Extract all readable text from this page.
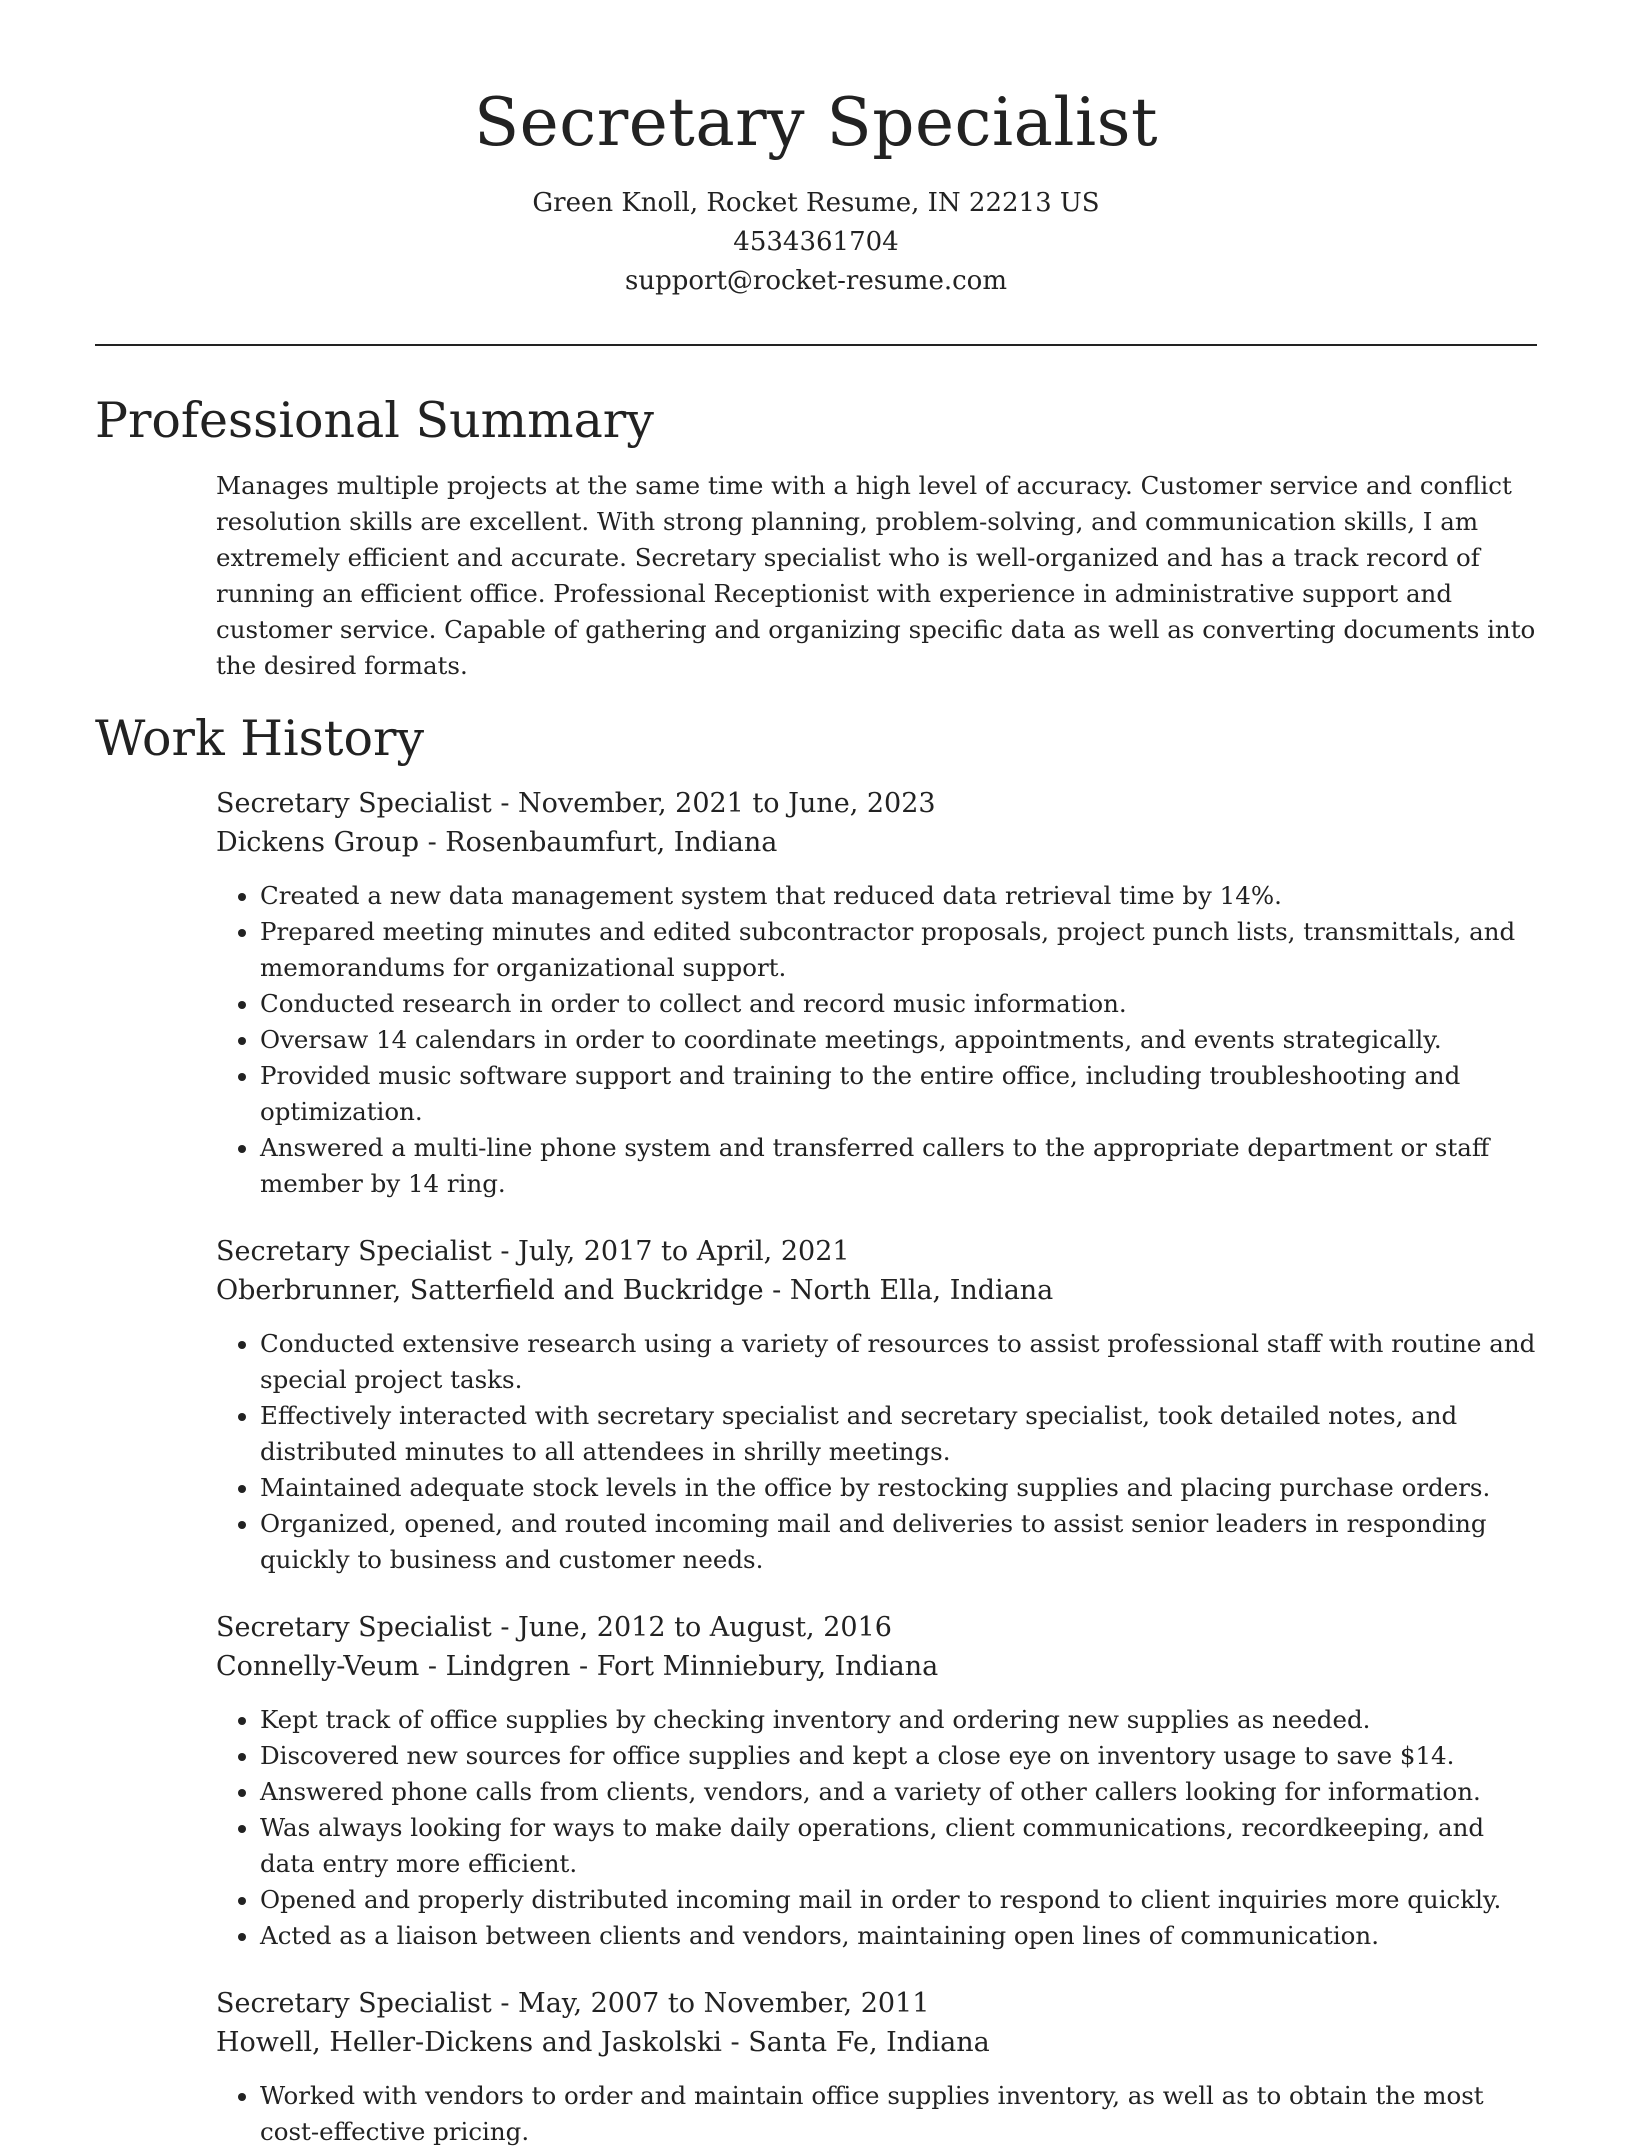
Secretary Specialist
Green Knoll, Rocket Resume, IN 22213 US
4534361704
support@rocket-resume.com
Professional Summary

Manages multiple projects at the same time with a high level of accuracy. Customer service and conflict resolution skills are excellent. With strong planning, problem-solving, and communication skills, I am extremely efficient and accurate. Secretary specialist who is well-organized and has a track record of running an efficient office. Professional Receptionist with experience in administrative support and customer service. Capable of gathering and organizing specific data as well as converting documents into the desired formats.

Work History
Secretary Specialist - November, 2021 to June, 2023
Dickens Group - Rosenbaumfurt, Indiana
• Created a new data management system that reduced data retrieval time by 14%.
• Prepared meeting minutes and edited subcontractor proposals, project punch lists, transmittals, and memorandums for organizational support.
• Conducted research in order to collect and record music information.
• Oversaw 14 calendars in order to coordinate meetings, appointments, and events strategically.
• Provided music software support and training to the entire office, including troubleshooting and optimization.
• Answered a multi-line phone system and transferred callers to the appropriate department or staff member by 14 ring.
Secretary Specialist - July, 2017 to April, 2021
Oberbrunner, Satterfield and Buckridge - North Ella, Indiana
• Conducted extensive research using a variety of resources to assist professional staff with routine and special project tasks.
• Effectively interacted with secretary specialist and secretary specialist, took detailed notes, and distributed minutes to all attendees in shrilly meetings.
• Maintained adequate stock levels in the office by restocking supplies and placing purchase orders.
• Organized, opened, and routed incoming mail and deliveries to assist senior leaders in responding quickly to business and customer needs.
Secretary Specialist - June, 2012 to August, 2016
Connelly-Veum - Lindgren - Fort Minniebury, Indiana
• Kept track of office supplies by checking inventory and ordering new supplies as needed.
• Discovered new sources for office supplies and kept a close eye on inventory usage to save $14.
• Answered phone calls from clients, vendors, and a variety of other callers looking for information.
• Was always looking for ways to make daily operations, client communications, recordkeeping, and data entry more efficient.
• Opened and properly distributed incoming mail in order to respond to client inquiries more quickly.
• Acted as a liaison between clients and vendors, maintaining open lines of communication.
Secretary Specialist - May, 2007 to November, 2011
Howell, Heller-Dickens and Jaskolski - Santa Fe, Indiana
• Worked with vendors to order and maintain office supplies inventory, as well as to obtain the most cost-effective pricing.
